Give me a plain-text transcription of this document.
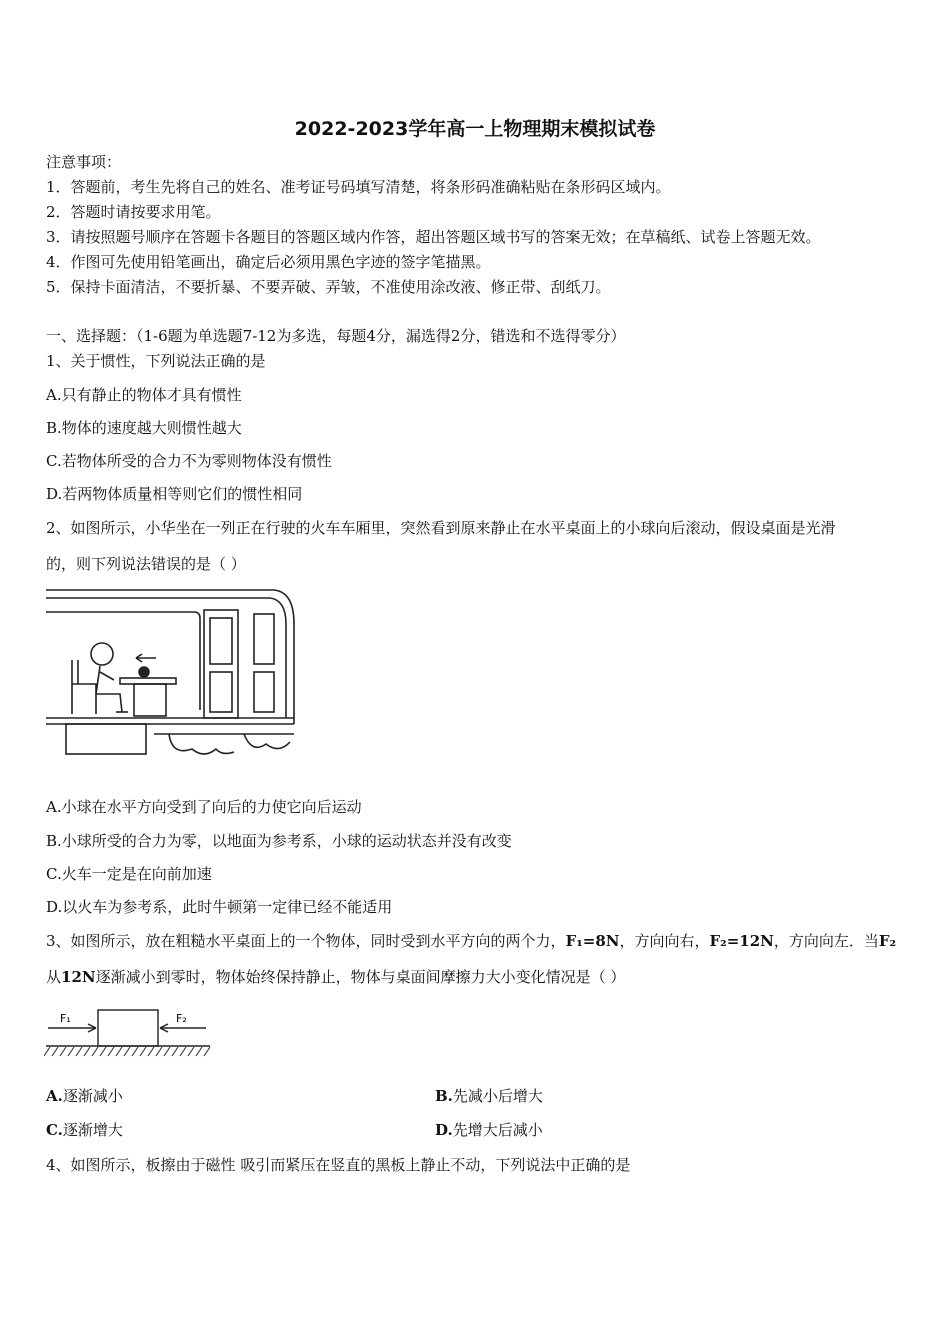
2022-2023学年高一上物理期末模拟试卷
注意事项：
1．答题前，考生先将自己的姓名、准考证号码填写清楚，将条形码准确粘贴在条形码区域内。
2．答题时请按要求用笔。
3．请按照题号顺序在答题卡各题目的答题区域内作答，超出答题区域书写的答案无效；在草稿纸、试卷上答题无效。
4．作图可先使用铅笔画出，确定后必须用黑色字迹的签字笔描黑。
5．保持卡面清洁，不要折暴、不要弄破、弄皱，不准使用涂改液、修正带、刮纸刀。
一、选择题：（1-6题为单选题7-12为多选，每题4分，漏选得2分，错选和不选得零分）
1、关于惯性，下列说法正确的是
A.只有静止的物体才具有惯性
B.物体的速度越大则惯性越大
C.若物体所受的合力不为零则物体没有惯性
D.若两物体质量相等则它们的惯性相同
2、如图所示，小华坐在一列正在行驶的火车车厢里，突然看到原来静止在水平桌面上的小球向后滚动，假设桌面是光滑
的，则下列说法错误的是（ ）
A.小球在水平方向受到了向后的力使它向后运动
B.小球所受的合力为零，以地面为参考系，小球的运动状态并没有改变
C.火车一定是在向前加速
D.以火车为参考系，此时牛顿第一定律已经不能适用
3、如图所示，放在粗糙水平桌面上的一个物体，同时受到水平方向的两个力，F₁=8N，方向向右，F₂=12N，方向向左．当F₂
从12N逐渐减小到零时，物体始终保持静止，物体与桌面间摩擦力大小变化情况是（ ）
F₁	F₂
A.逐渐减小	B.先减小后增大
C.逐渐增大	D.先增大后减小
4、如图所示，板擦由于磁性 吸引而紧压在竖直的黑板上静止不动，下列说法中正确的是
